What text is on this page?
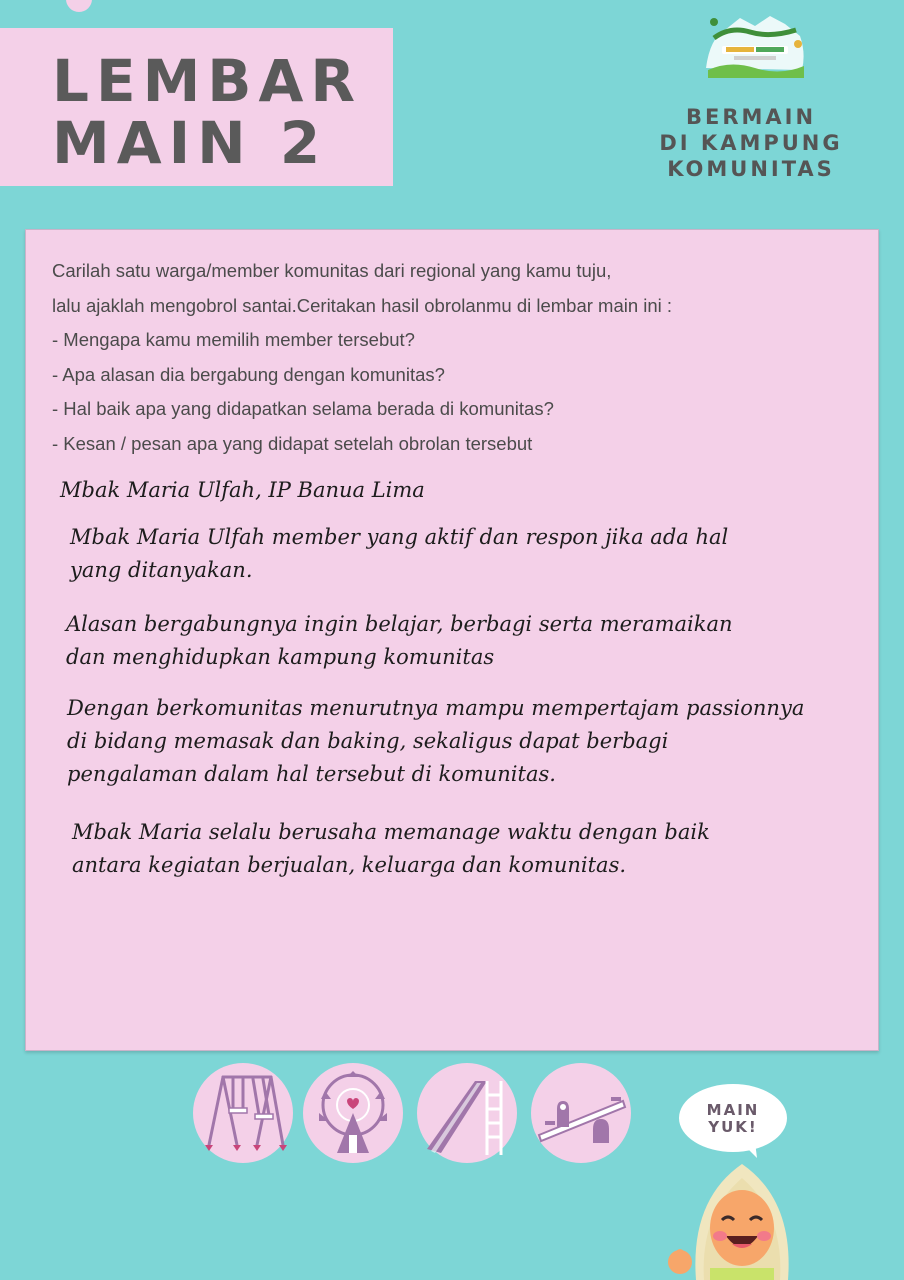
LEMBAR
MAIN 2	BERMAIN
DI KAMPUNG
KOMUNITAS
Carilah satu warga/member komunitas dari regional yang kamu tuju,
lalu ajaklah mengobrol santai.Ceritakan hasil obrolanmu di lembar main ini :
- Mengapa kamu memilih member tersebut?
- Apa alasan dia bergabung dengan komunitas?
- Hal baik apa yang didapatkan selama berada di komunitas?
- Kesan / pesan apa yang didapat setelah obrolan tersebut
Mbak Maria Ulfah, IP Banua Lima
Mbak Maria Ulfah member yang aktif dan respon jika ada hal
yang ditanyakan.
Alasan bergabungnya ingin belajar, berbagi serta meramaikan
dan menghidupkan kampung komunitas
Dengan berkomunitas menurutnya mampu mempertajam passionnya
di bidang memasak dan baking, sekaligus dapat berbagi
pengalaman dalam hal tersebut di komunitas.
Mbak Maria selalu berusaha memanage waktu dengan baik
antara kegiatan berjualan, keluarga dan komunitas.
MAIN
YUK!
